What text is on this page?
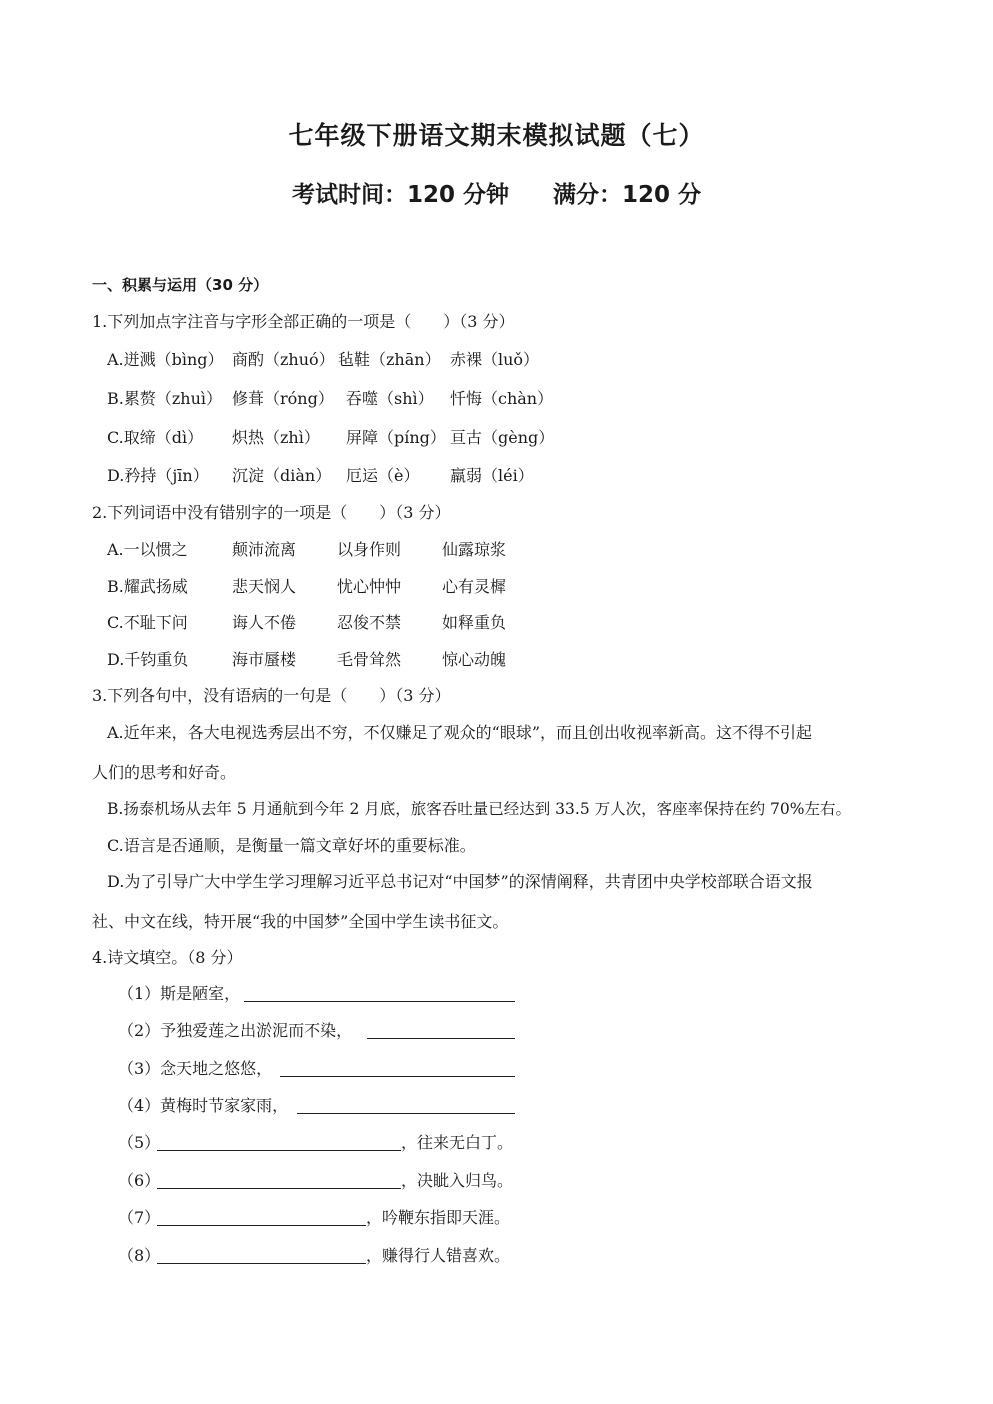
七年级下册语文期末模拟试题（七）
考试时间：120 分钟 满分：120 分
一、积累与运用（30 分）
1.下列加点字注音与字形全部正确的一项是（　　）（3 分）
A.迸溅（bìng） 商酌（zhuó） 毡鞋（zhān） 赤裸（luǒ）
B.累赘（zhuì） 修葺（róng） 吞噬（shì） 忏悔（chàn）
C.取缔（dì） 炽热（zhì） 屏障（píng） 亘古（gèng）
D.矜持（jīn） 沉淀（diàn） 厄运（è） 羸弱（léi）
2.下列词语中没有错别字的一项是（　　）（3 分）
A.一以惯之	颠沛流离	以身作则	仙露琼浆
B.耀武扬威	悲天悯人	忧心忡忡	心有灵樨
C.不耻下问	诲人不倦	忍俊不禁	如释重负
D.千钧重负	海市蜃楼	毛骨耸然	惊心动魄
3.下列各句中，没有语病的一句是（　　）（3 分）
A.近年来，各大电视选秀层出不穷，不仅赚足了观众的“眼球”，而且创出收视率新高。这不得不引起
人们的思考和好奇。
B.扬泰机场从去年 5 月通航到今年 2 月底，旅客吞吐量已经达到 33.5 万人次，客座率保持在约 70%左右。
C.语言是否通顺，是衡量一篇文章好坏的重要标准。
D.为了引导广大中学生学习理解习近平总书记对“中国梦”的深情阐释，共青团中央学校部联合语文报
社、中文在线，特开展“我的中国梦”全国中学生读书征文。
4.诗文填空。（8 分）
（1）斯是陋室，
（2）予独爱莲之出淤泥而不染，
（3）念天地之悠悠，
（4）黄梅时节家家雨，
（5）	，往来无白丁。
（6）	，决眦入归鸟。
（7）	，吟鞭东指即天涯。
（8）	，赚得行人错喜欢。
